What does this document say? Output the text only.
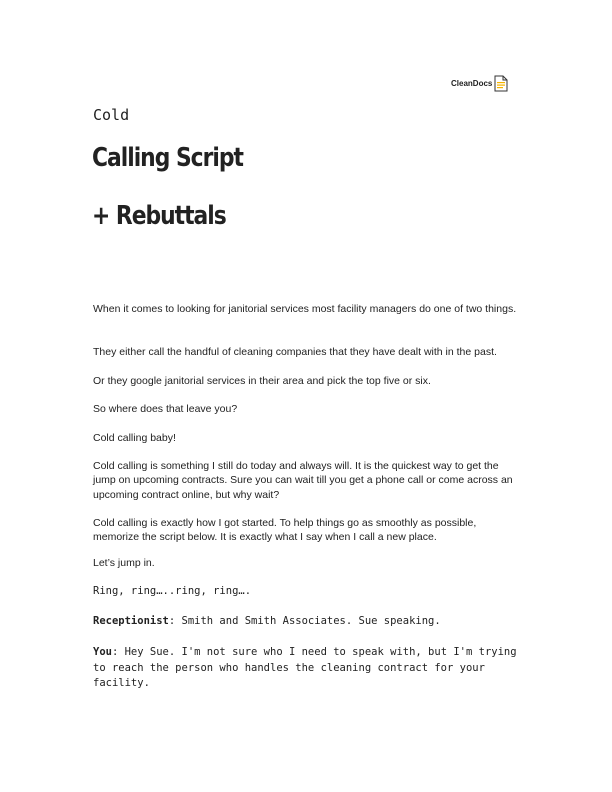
CleanDocs

Cold

Calling Script
+ Rebuttals

When it comes to looking for janitorial services most facility managers do one of two things.

They either call the handful of cleaning companies that they have dealt with in the past.

Or they google janitorial services in their area and pick the top five or six.

So where does that leave you?

Cold calling baby!

Cold calling is something I still do today and always will. It is the quickest way to get the jump on upcoming contracts. Sure you can wait till you get a phone call or come across an upcoming contract online, but why wait?

Cold calling is exactly how I got started. To help things go as smoothly as possible, memorize the script below. It is exactly what I say when I call a new place.

Let’s jump in.

Ring, ring…..ring, ring….

Receptionist: Smith and Smith Associates. Sue speaking.

You: Hey Sue. I'm not sure who I need to speak with, but I'm trying to reach the person who handles the cleaning contract for your facility.
